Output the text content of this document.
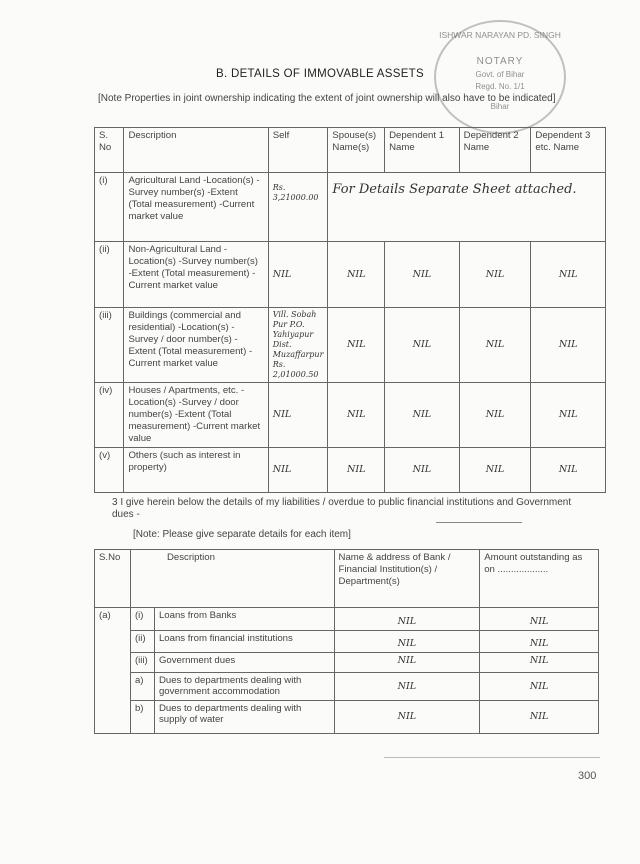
ISHWAR NARAYAN PD. SINGH
NOTARY
Govt. of Bihar
Regd. No. 1/1
Bihar
B. DETAILS OF IMMOVABLE ASSETS
[Note Properties in joint ownership indicating the extent of joint ownership will also have to be indicated]
S. No	Description	Self	Spouse(s) Name(s)	Dependent 1 Name	Dependent 2 Name	Dependent 3 etc. Name
(i)	Agricultural Land -Location(s) -Survey number(s) -Extent (Total measurement) -Current market value	Rs. 3,21000.00	For Details Separate Sheet attached.			
(ii)	Non-Agricultural Land -Location(s) -Survey number(s) -Extent (Total measurement) -Current market value	NIL	NIL	NIL	NIL	NIL
(iii)	Buildings (commercial and residential) -Location(s) -Survey / door number(s) -Extent (Total measurement) -Current market value	Vill. Sobah Pur P.O. Yahiyapur Dist. Muzaffarpur Rs. 2,01000.50	NIL	NIL	NIL	NIL
(iv)	Houses / Apartments, etc. -Location(s) -Survey / door number(s) -Extent (Total measurement) -Current market value	NIL	NIL	NIL	NIL	NIL
(v)	Others (such as interest in property)	NIL	NIL	NIL	NIL	NIL
3 I give herein below the details of my liabilities / overdue to public financial institutions and Government dues -
[Note: Please give separate details for each item]
S.No	Description		Name & address of Bank / Financial Institution(s) / Department(s)	Amount outstanding as on ...................
(a)	(i)	Loans from Banks	NIL	NIL
	(ii)	Loans from financial institutions	NIL	NIL
	(iii)	Government dues	NIL	NIL
	a)	Dues to departments dealing with government accommodation	NIL	NIL
	b)	Dues to departments dealing with supply of water	NIL	NIL
300
